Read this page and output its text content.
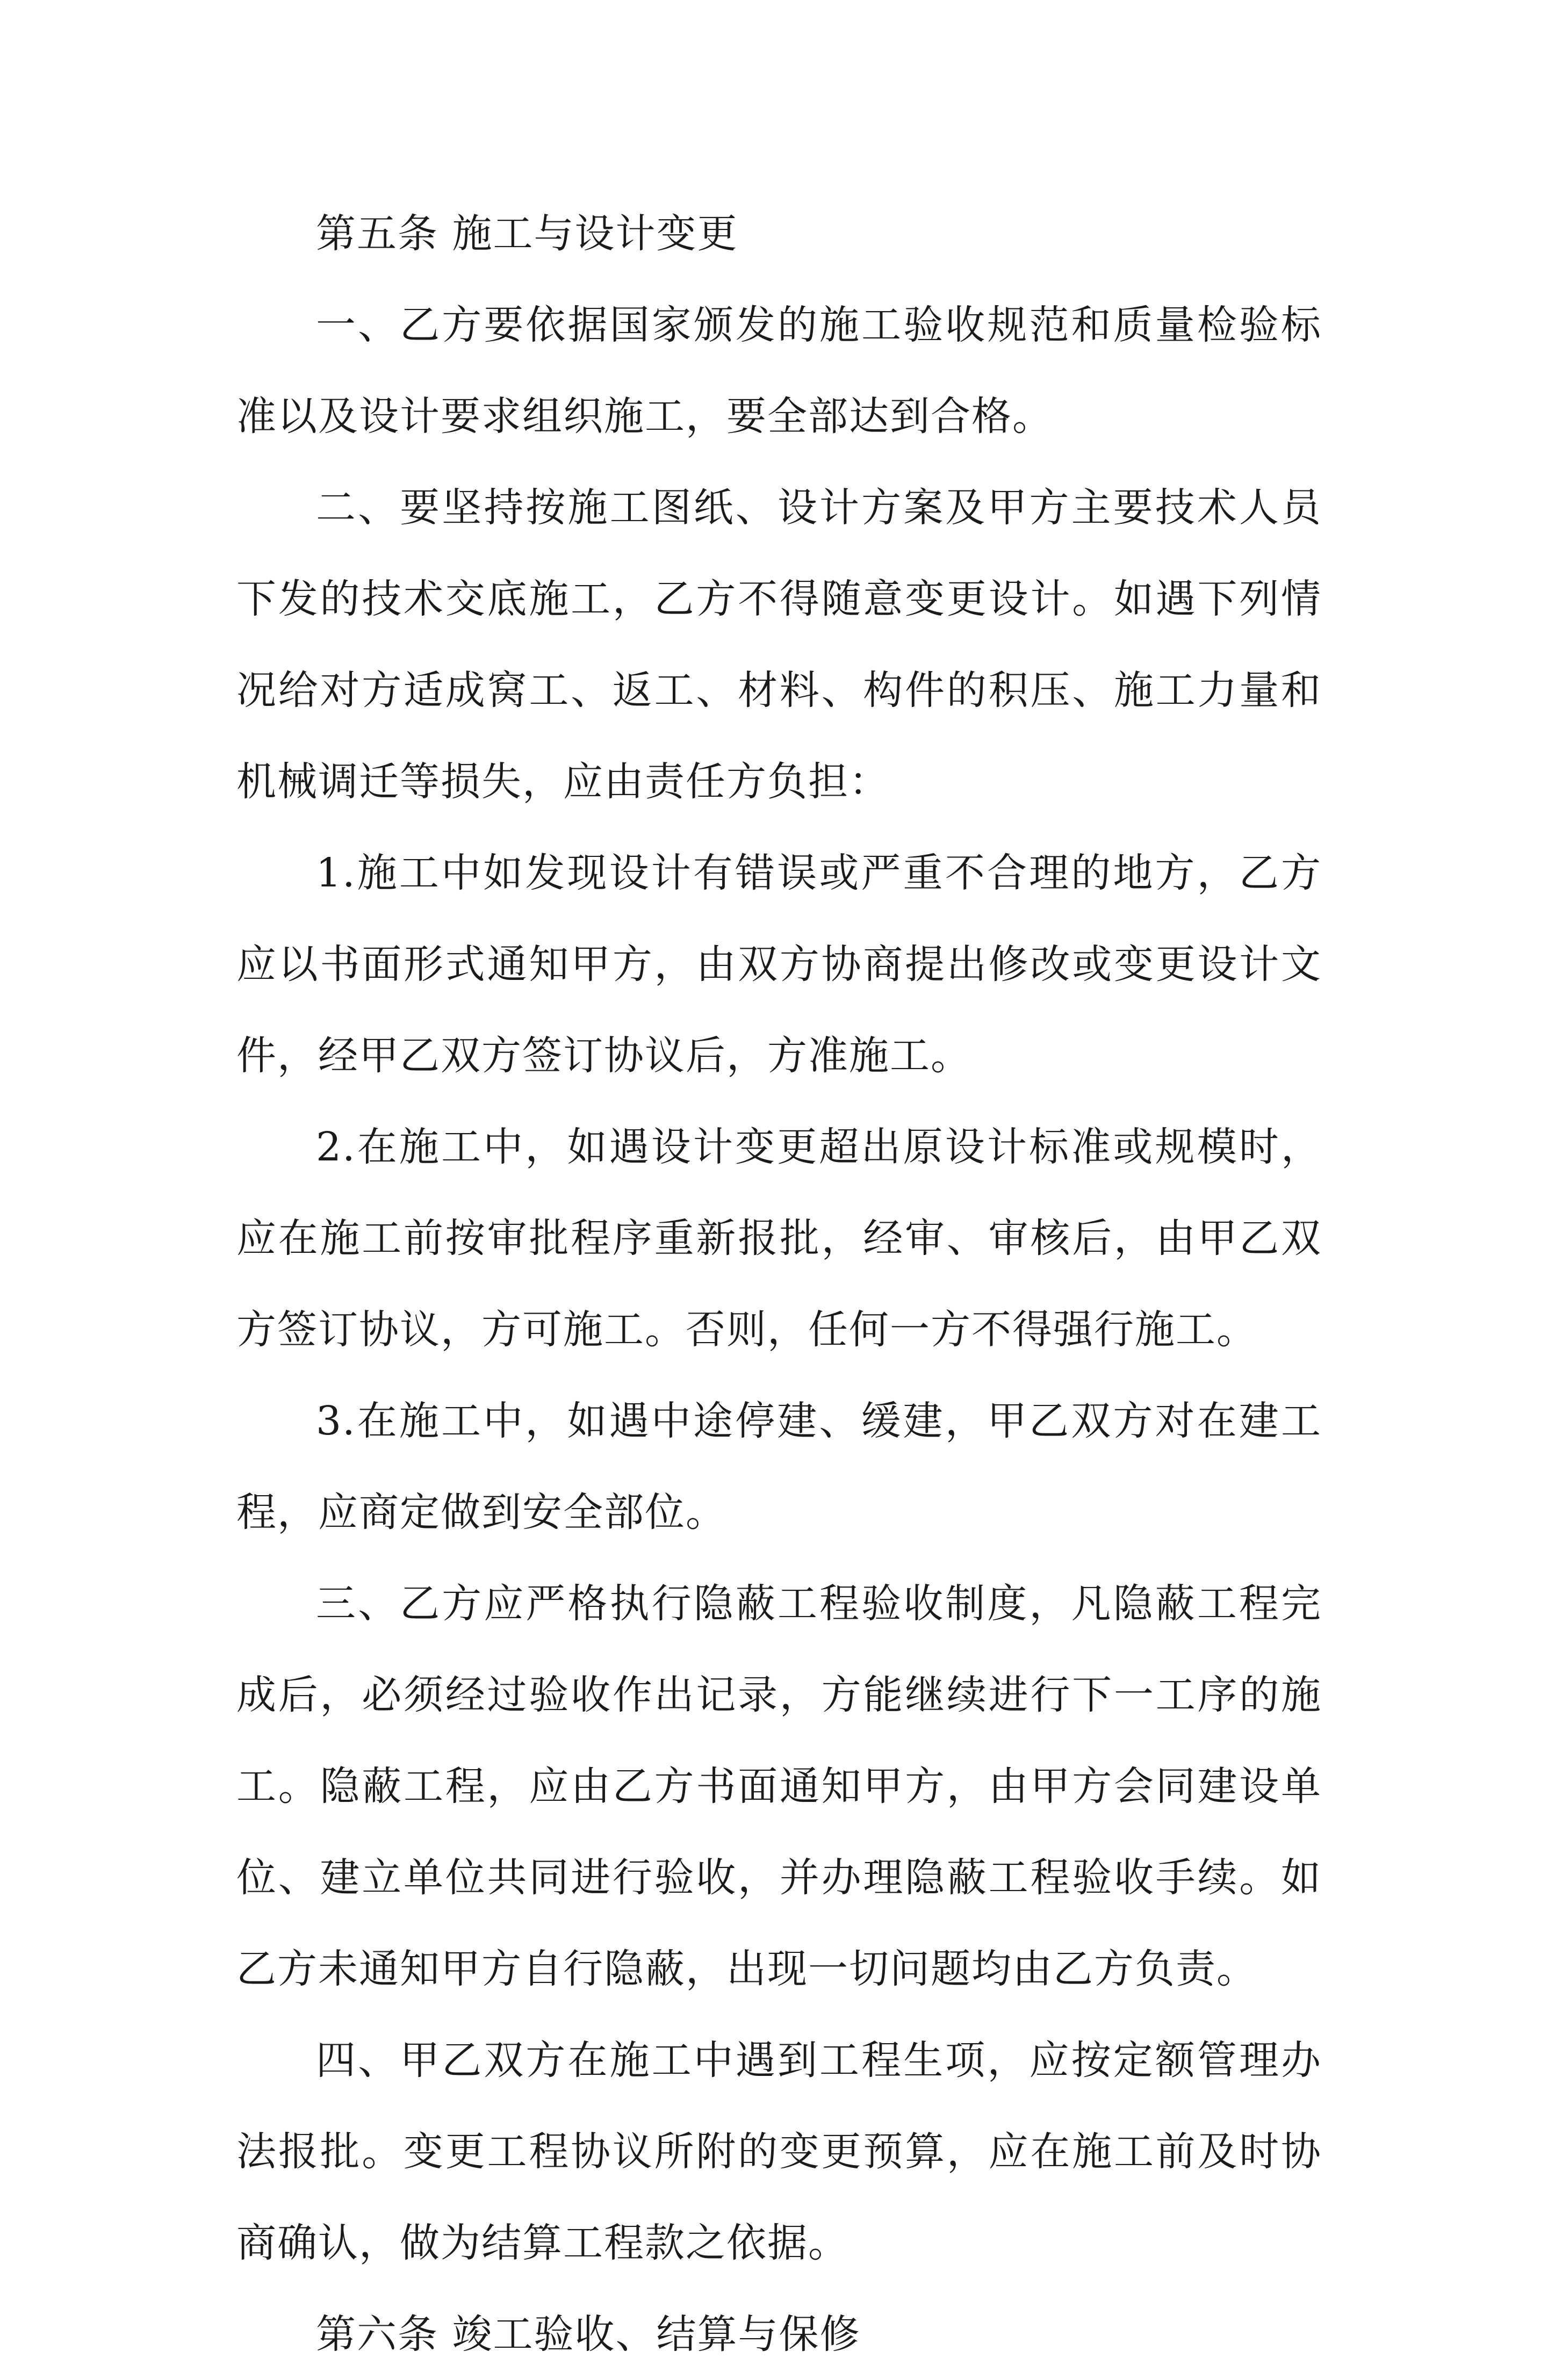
第五条 施工与设计变更

一、乙方要依据国家颁发的施工验收规范和质量检验标准以及设计要求组织施工，要全部达到合格。

二、要坚持按施工图纸、设计方案及甲方主要技术人员下发的技术交底施工，乙方不得随意变更设计。如遇下列情况给对方适成窝工、返工、材料、构件的积压、施工力量和机械调迁等损失，应由责任方负担：

1.施工中如发现设计有错误或严重不合理的地方，乙方应以书面形式通知甲方，由双方协商提出修改或变更设计文件，经甲乙双方签订协议后，方准施工。

2.在施工中，如遇设计变更超出原设计标准或规模时，应在施工前按审批程序重新报批，经审、审核后，由甲乙双方签订协议，方可施工。否则，任何一方不得强行施工。

3.在施工中，如遇中途停建、缓建，甲乙双方对在建工程，应商定做到安全部位。

三、乙方应严格执行隐蔽工程验收制度，凡隐蔽工程完成后，必须经过验收作出记录，方能继续进行下一工序的施工。隐蔽工程，应由乙方书面通知甲方，由甲方会同建设单位、建立单位共同进行验收，并办理隐蔽工程验收手续。如乙方未通知甲方自行隐蔽，出现一切问题均由乙方负责。

四、甲乙双方在施工中遇到工程生项，应按定额管理办法报批。变更工程协议所附的变更预算，应在施工前及时协商确认，做为结算工程款之依据。

第六条 竣工验收、结算与保修
